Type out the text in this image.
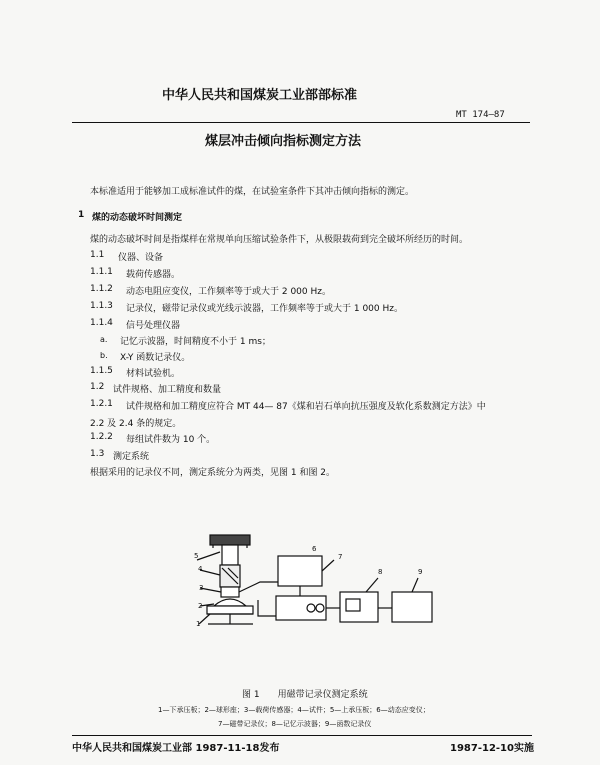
中华人民共和国煤炭工业部部标准
MT 174—87
煤层冲击倾向指标测定方法
本标准适用于能够加工成标准试件的煤，在试验室条件下其冲击倾向指标的测定。
1 煤的动态破坏时间测定
煤的动态破坏时间是指煤样在常规单向压缩试验条件下，从极限载荷到完全破坏所经历的时间。
1.1 仪器、设备
1.1.1 载荷传感器。
1.1.2 动态电阻应变仪，工作频率等于或大于 2 000 Hz。
1.1.3 记录仪，磁带记录仪或光线示波器，工作频率等于或大于 1 000 Hz。
1.1.4 信号处理仪器
a. 记忆示波器，时间精度不小于 1 ms；
b. X-Y 函数记录仪。
1.1.5 材料试验机。
1.2 试件规格、加工精度和数量
1.2.1 试件规格和加工精度应符合 MT 44— 87《煤和岩石单向抗压强度及软化系数测定方法》中
2.2 及 2.4 条的规定。
1.2.2 每组试件数为 10 个。
1.3 测定系统
根据采用的记录仪不同，测定系统分为两类，见图 1 和图 2。
5
4
3
2
1
6
7
8	9
图 1　　用磁带记录仪测定系统
1—下承压板；2—球形座；3—载荷传感器；4—试件；5—上承压板；6—动态应变仪；
7—磁带记录仪；8—记忆示波器；9—函数记录仪
中华人民共和国煤炭工业部 1987-11-18发布	1987-12-10实施
